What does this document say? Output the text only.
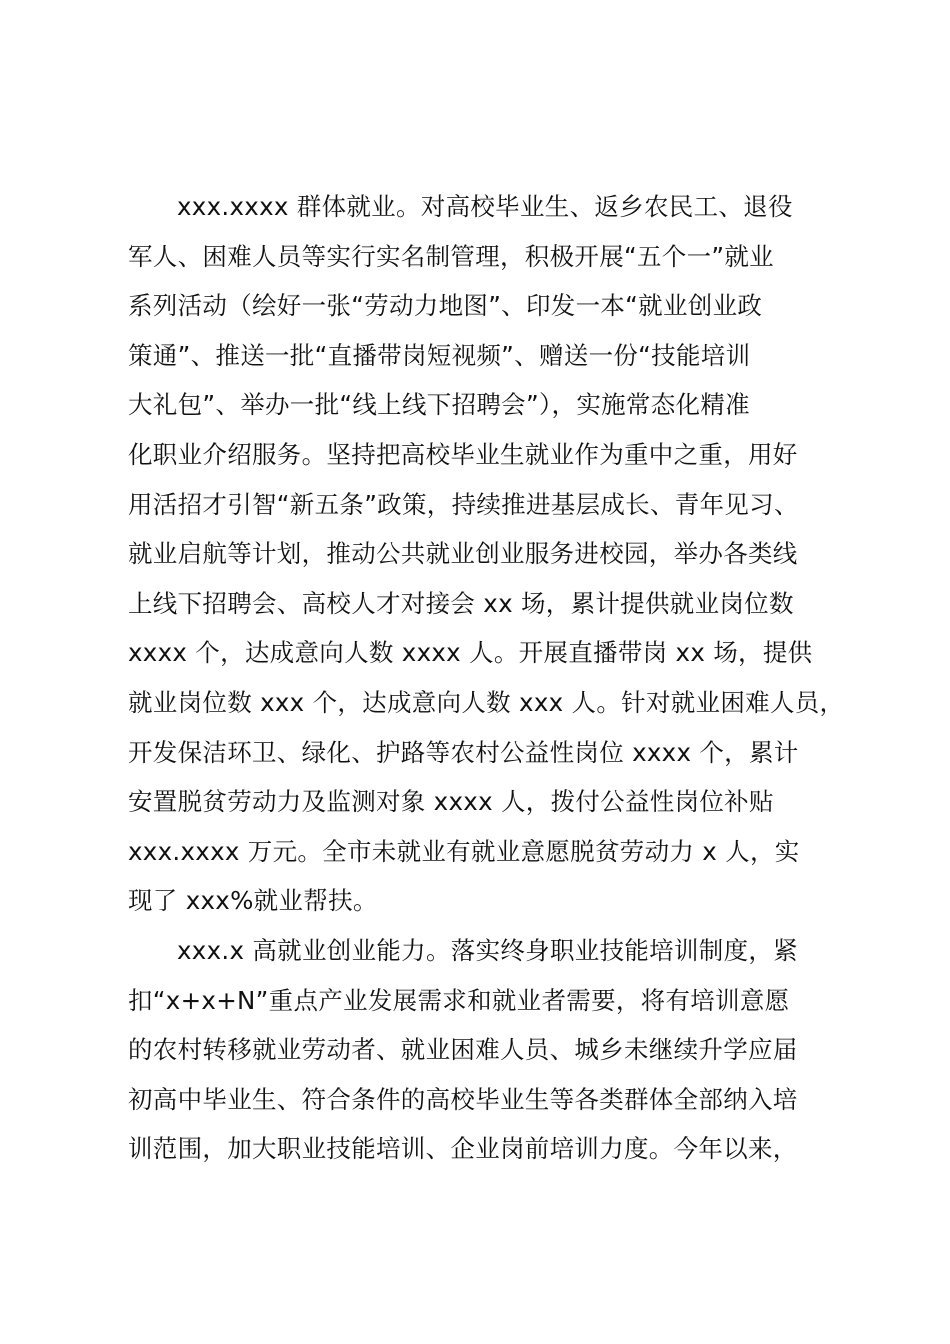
xxx.xxxx 群体就业。对高校毕业生、返乡农民工、退役
军人、困难人员等实行实名制管理，积极开展“五个一”就业
系列活动（绘好一张“劳动力地图”、印发一本“就业创业政
策通”、推送一批“直播带岗短视频”、赠送一份“技能培训
大礼包”、举办一批“线上线下招聘会”），实施常态化精准
化职业介绍服务。坚持把高校毕业生就业作为重中之重，用好
用活招才引智“新五条”政策，持续推进基层成长、青年见习、
就业启航等计划，推动公共就业创业服务进校园，举办各类线
上线下招聘会、高校人才对接会 xx 场，累计提供就业岗位数
xxxx 个，达成意向人数 xxxx 人。开展直播带岗 xx 场，提供
就业岗位数 xxx 个，达成意向人数 xxx 人。针对就业困难人员，
开发保洁环卫、绿化、护路等农村公益性岗位 xxxx 个，累计
安置脱贫劳动力及监测对象 xxxx 人，拨付公益性岗位补贴
xxx.xxxx 万元。全市未就业有就业意愿脱贫劳动力 x 人，实
现了 xxx%就业帮扶。
xxx.x 高就业创业能力。落实终身职业技能培训制度，紧
扣“x+x+N”重点产业发展需求和就业者需要，将有培训意愿
的农村转移就业劳动者、就业困难人员、城乡未继续升学应届
初高中毕业生、符合条件的高校毕业生等各类群体全部纳入培
训范围，加大职业技能培训、企业岗前培训力度。今年以来，
